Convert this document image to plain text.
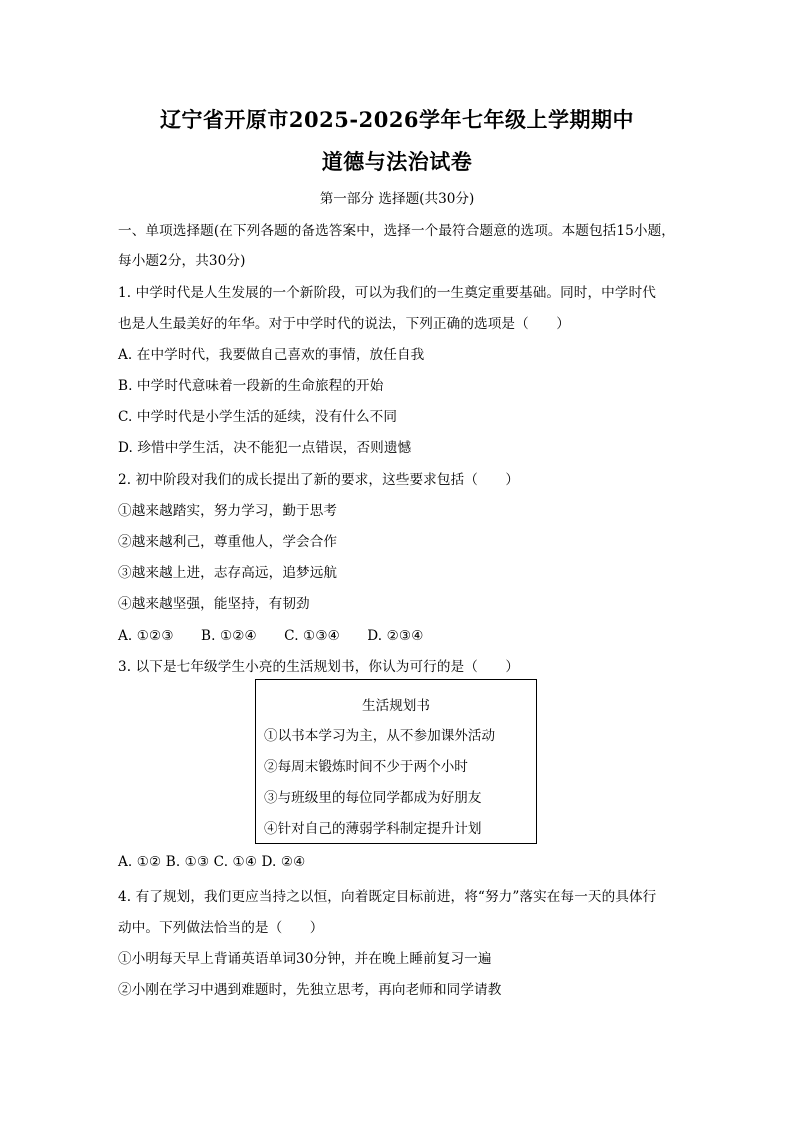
辽宁省开原市2025-2026学年七年级上学期期中
道德与法治试卷
第一部分 选择题(共30分)
一、单项选择题(在下列各题的备选答案中，选择一个最符合题意的选项。本题包括15小题，
每小题2分，共30分)
1. 中学时代是人生发展的一个新阶段，可以为我们的一生奠定重要基础。同时，中学时代
也是人生最美好的年华。对于中学时代的说法，下列正确的选项是（　　）
A. 在中学时代，我要做自己喜欢的事情，放任自我
B. 中学时代意味着一段新的生命旅程的开始
C. 中学时代是小学生活的延续，没有什么不同
D. 珍惜中学生活，决不能犯一点错误，否则遗憾
2. 初中阶段对我们的成长提出了新的要求，这些要求包括（　　）
①越来越踏实，努力学习，勤于思考
②越来越利己，尊重他人，学会合作
③越来越上进，志存高远，追梦远航
④越来越坚强，能坚持，有韧劲
A. ①②③　　B. ①②④　　C. ①③④　　D. ②③④
3. 以下是七年级学生小亮的生活规划书，你认为可行的是（　　）
生活规划书
①以书本学习为主，从不参加课外活动
②每周末锻炼时间不少于两个小时
③与班级里的每位同学都成为好朋友
④针对自己的薄弱学科制定提升计划
A. ①② B. ①③ C. ①④ D. ②④
4. 有了规划，我们更应当持之以恒，向着既定目标前进，将“努力”落实在每一天的具体行
动中。下列做法恰当的是（　　）
①小明每天早上背诵英语单词30分钟，并在晚上睡前复习一遍
②小刚在学习中遇到难题时，先独立思考，再向老师和同学请教
